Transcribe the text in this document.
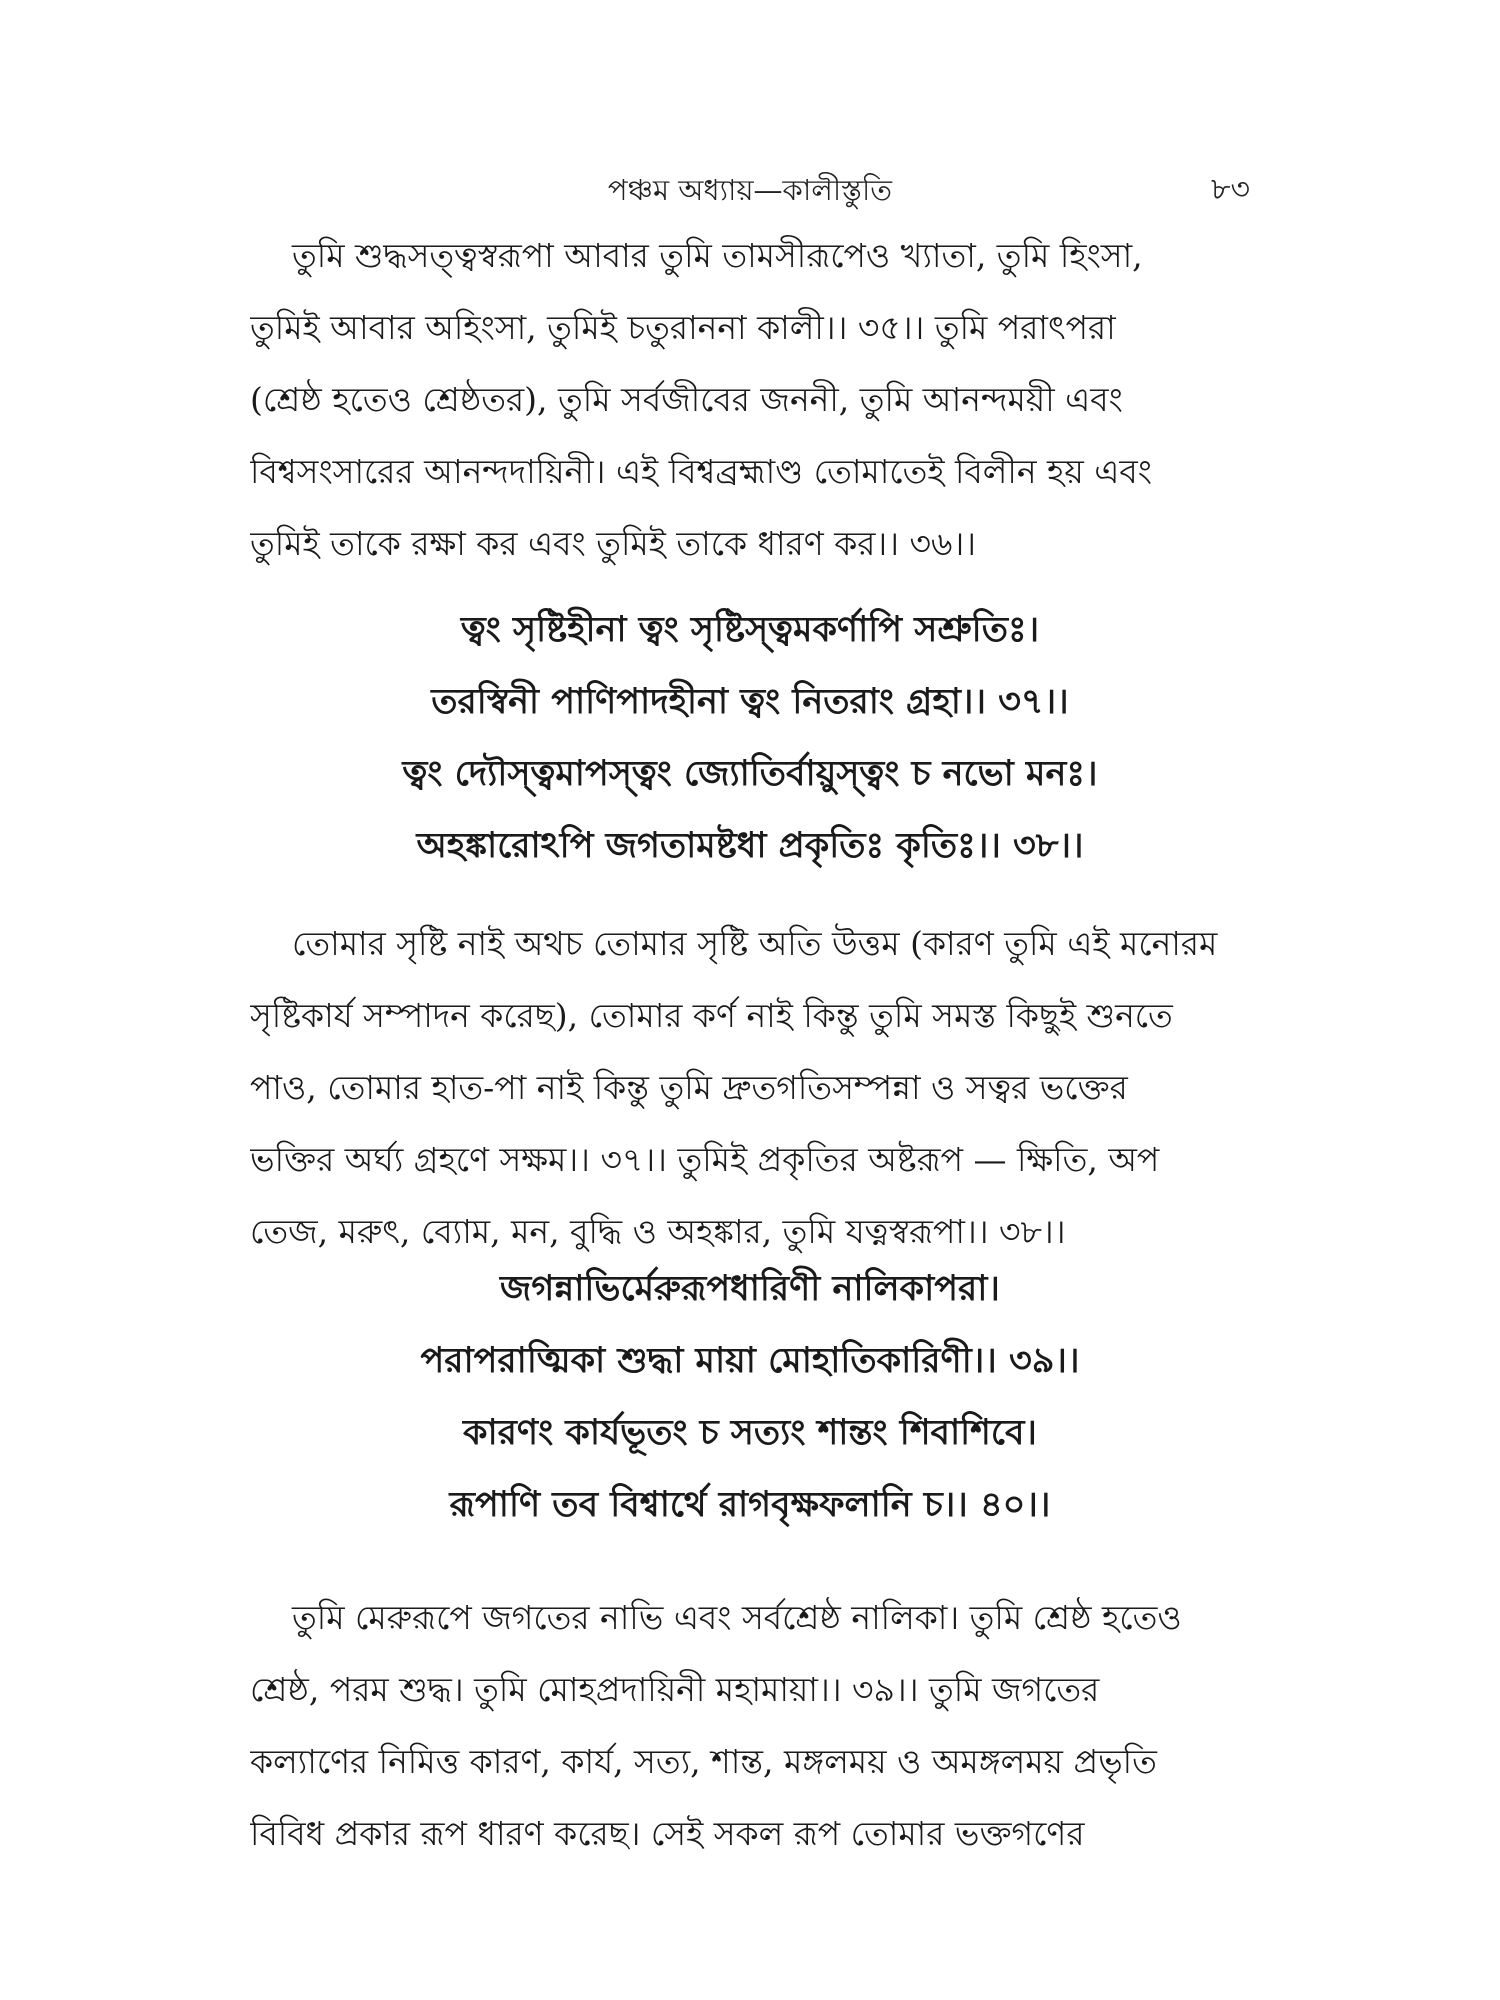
পঞ্চম অধ্যায়—কালীস্তুতি	৮৩
তুমি শুদ্ধসত্ত্বস্বরূপা আবার তুমি তামসীরূপেও খ্যাতা, তুমি হিংসা,
তুমিই আবার অহিংসা, তুমিই চতুরাননা কালী।। ৩৫।। তুমি পরাৎপরা
(শ্রেষ্ঠ হতেও শ্রেষ্ঠতর), তুমি সর্বজীবের জননী, তুমি আনন্দময়ী এবং
বিশ্বসংসারের আনন্দদায়িনী। এই বিশ্বব্রহ্মাণ্ড তোমাতেই বিলীন হয় এবং
তুমিই তাকে রক্ষা কর এবং তুমিই তাকে ধারণ কর।। ৩৬।।
ত্বং সৃষ্টিহীনা ত্বং সৃষ্টিস্ত্বমকর্ণাপি সশ্রুতিঃ।
তরস্বিনী পাণিপাদহীনা ত্বং নিতরাং গ্রহা।। ৩৭।।
ত্বং দ্যৌস্ত্বমাপস্ত্বং জ্যোতির্বায়ুস্ত্বং চ নভো মনঃ।
অহঙ্কারোঽপি জগতামষ্টধা প্রকৃতিঃ কৃতিঃ।। ৩৮।।
তোমার সৃষ্টি নাই অথচ তোমার সৃষ্টি অতি উত্তম (কারণ তুমি এই মনোরম
সৃষ্টিকার্য সম্পাদন করেছ), তোমার কর্ণ নাই কিন্তু তুমি সমস্ত কিছুই শুনতে
পাও, তোমার হাত-পা নাই কিন্তু তুমি দ্রুতগতিসম্পন্না ও সত্বর ভক্তের
ভক্তির অর্ঘ্য গ্রহণে সক্ষম।। ৩৭।। তুমিই প্রকৃতির অষ্টরূপ — ক্ষিতি, অপ
তেজ, মরুৎ, ব্যোম, মন, বুদ্ধি ও অহঙ্কার, তুমি যত্নস্বরূপা।। ৩৮।।
জগন্নাভির্মেরুরূপধারিণী নালিকাপরা।
পরাপরাত্মিকা শুদ্ধা মায়া মোহাতিকারিণী।। ৩৯।।
কারণং কার্যভূতং চ সত্যং শান্তং শিবাশিবে।
রূপাণি তব বিশ্বার্থে রাগবৃক্ষফলানি চ।। ৪০।।
তুমি মেরুরূপে জগতের নাভি এবং সর্বশ্রেষ্ঠ নালিকা। তুমি শ্রেষ্ঠ হতেও
শ্রেষ্ঠ, পরম শুদ্ধ। তুমি মোহপ্রদায়িনী মহামায়া।। ৩৯।। তুমি জগতের
কল্যাণের নিমিত্ত কারণ, কার্য, সত্য, শান্ত, মঙ্গলময় ও অমঙ্গলময় প্রভৃতি
বিবিধ প্রকার রূপ ধারণ করেছ। সেই সকল রূপ তোমার ভক্তগণের
